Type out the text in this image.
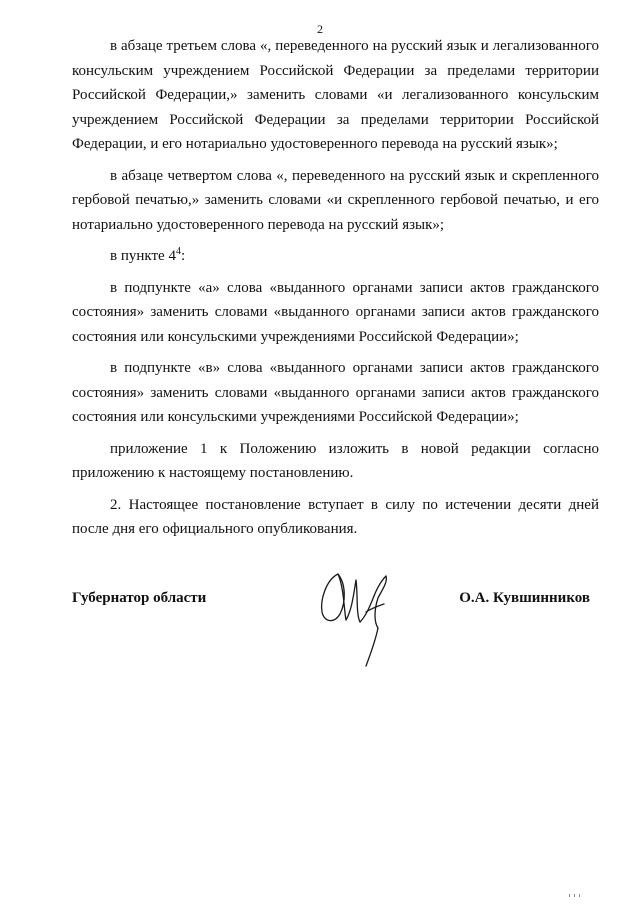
2

в абзаце третьем слова «, переведенного на русский язык и легализованного консульским учреждением Российской Федерации за пределами территории Российской Федерации,» заменить словами «и легализованного консульским учреждением Российской Федерации за пределами территории Российской Федерации, и его нотариально удостоверенного перевода на русский язык»;

в абзаце четвертом слова «, переведенного на русский язык и скрепленного гербовой печатью,» заменить словами «и скрепленного гербовой печатью, и его нотариально удостоверенного перевода на русский язык»;

в пункте $4^4$:

в подпункте «а» слова «выданного органами записи актов гражданского состояния» заменить словами «выданного органами записи актов гражданского состояния или консульскими учреждениями Российской Федерации»;

в подпункте «в» слова «выданного органами записи актов гражданского состояния» заменить словами «выданного органами записи актов гражданского состояния или консульскими учреждениями Российской Федерации»;

приложение 1 к Положению изложить в новой редакции согласно приложению к настоящему постановлению.

2. Настоящее постановление вступает в силу по истечении десяти дней после дня его официального опубликования.

Губернатор области	О.А. Кувшинников
